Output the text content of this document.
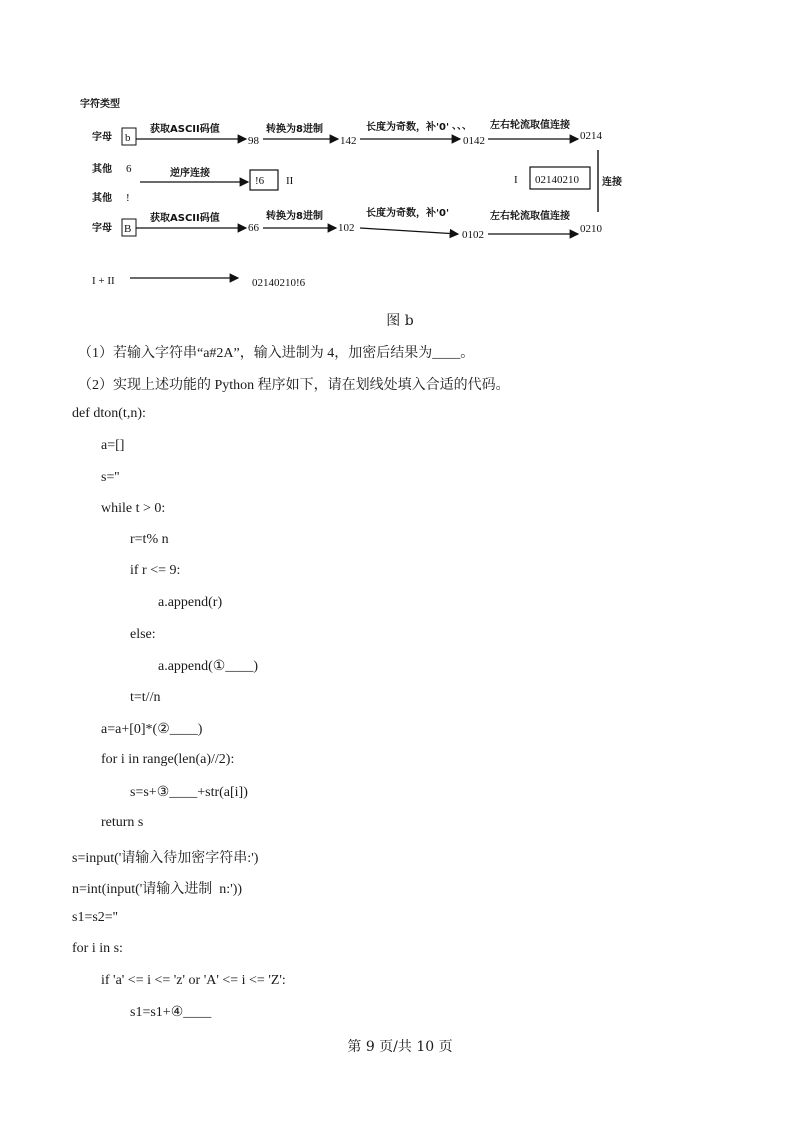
字符类型
字母 b
获取ASCII码值
98
转换为8进制
142
长度为奇数，补'0' 、、、
0142
左右轮流取值连接
0214
其他 6
其他 !
逆序连接
!6 II	I 02140210 连接
字母 B
获取ASCII码值
66
转换为8进制
102
长度为奇数，补'0'
0102
左右轮流取值连接
0210
I + II	02140210!6
图 b
（1）若输入字符串“a#2A”，输入进制为 4，加密后结果为____。
（2）实现上述功能的 Python 程序如下，请在划线处填入合适的代码。
def dton(t,n):
a=[]
s=''
while t > 0:
r=t% n
if r <= 9:
a.append(r)
else:
a.append(①____)
t=t//n
a=a+[0]*(②____)
for i in range(len(a)//2):
s=s+③____+str(a[i])
return s
s=input('请输入待加密字符串:')
n=int(input('请输入进制  n:'))
s1=s2=''
for i in s:
if 'a' <= i <= 'z' or 'A' <= i <= 'Z':
s1=s1+④____
第 9 页/共 10 页
